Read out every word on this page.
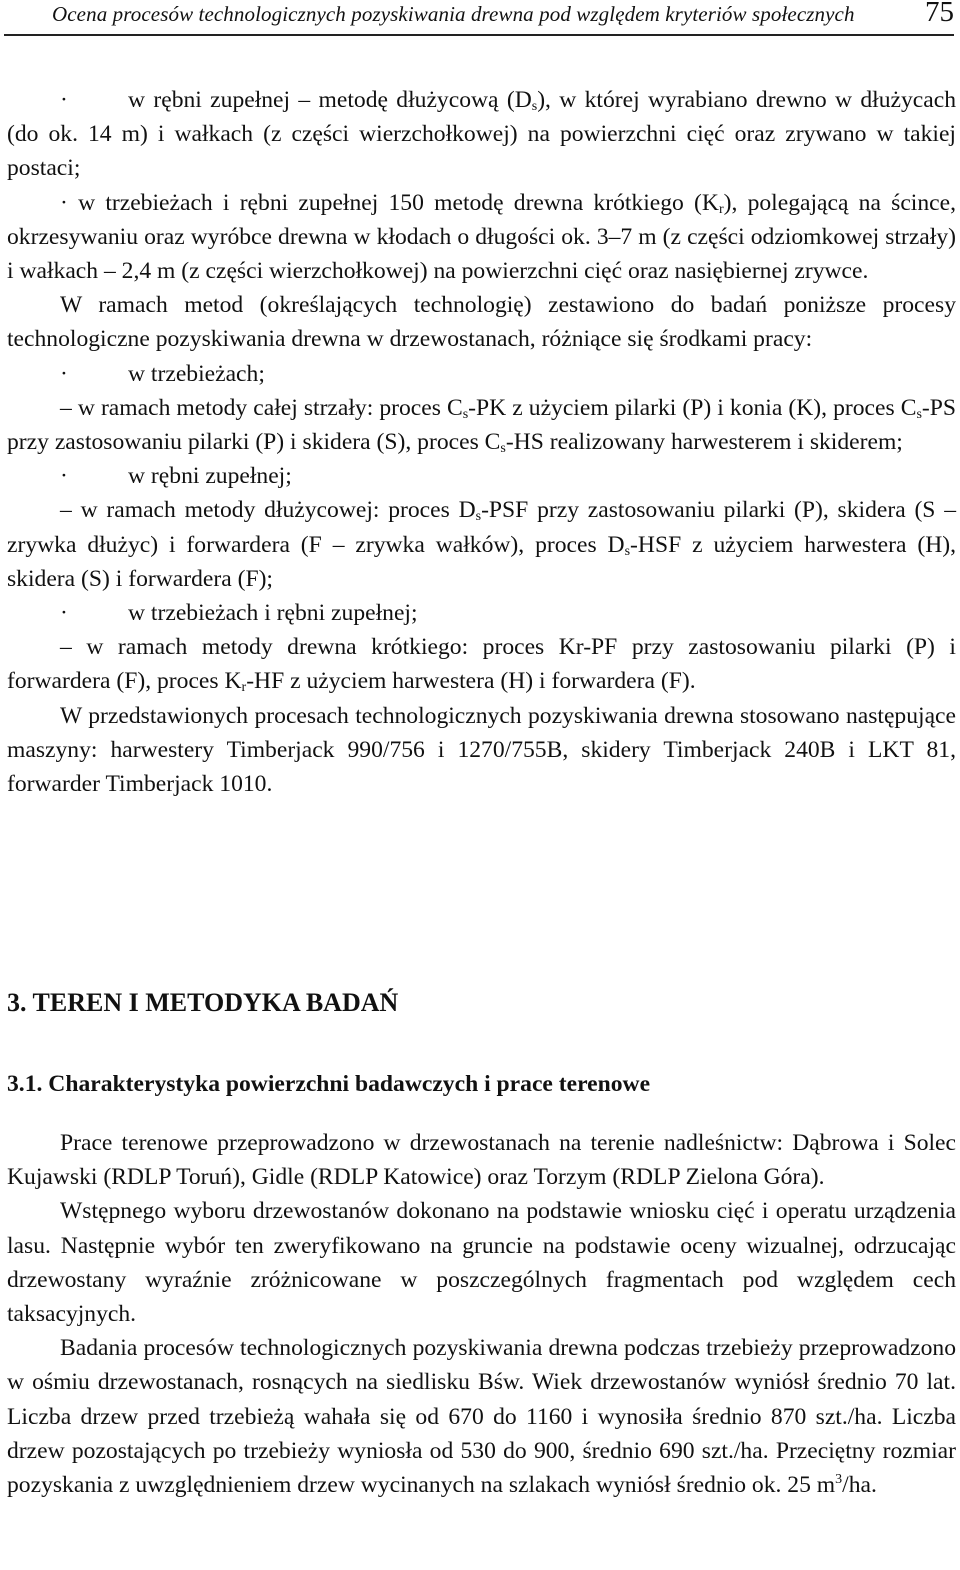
Ocena procesów technologicznych pozyskiwania drewna pod względem kryteriów społecznych 75

·	w rębni zupełnej – metodę dłużycową $(D_s)$, w której wyrabiano drewno w dłużycach (do ok. 14 m) i wałkach (z części wierzchołkowej) na powierzchni cięć oraz zrywano w takiej postaci;

· w trzebieżach i rębni zupełnej 150 metodę drewna krótkiego $(K_r)$, polegającą na ścince, okrzesywaniu oraz wyróbce drewna w kłodach o długości ok. 3–7 m (z części odziomkowej strzały) i wałkach – 2,4 m (z części wierzchołkowej) na powierzchni cięć oraz nasiębiernej zrywce.

W ramach metod (określających technologię) zestawiono do badań poniższe procesy technologiczne pozyskiwania drewna w drzewostanach, różniące się środkami pracy:

·	w trzebieżach;

– w ramach metody całej strzały: proces $C_s-PK$ z użyciem pilarki (P) i konia (K), proces $C_s-PS$ przy zastosowaniu pilarki (P) i skidera (S), proces $C_s-HS$ realizowany harwesterem i skiderem;

·	w rębni zupełnej;

– w ramach metody dłużycowej: proces $D_s$-PSF przy zastosowaniu pilarki (P), skidera (S – zrywka dłużyc) i forwardera (F – zrywka wałków), proces $D_s$-HSF z użyciem harwestera (H), skidera (S) i forwardera (F);

·	w trzebieżach i rębni zupełnej;

– w ramach metody drewna krótkiego: proces Kr-PF przy zastosowaniu pilarki (P) i forwardera (F), proces $K_r-HF$ z użyciem harwestera (H) i forwardera (F).

W przedstawionych procesach technologicznych pozyskiwania drewna stosowano następujące maszyny: harwestery Timberjack 990/756 i 1270/755B, skidery Timberjack 240B i LKT 81, forwarder Timberjack 1010.

3. TEREN I METODYKA BADAŃ
3.1. Charakterystyka powierzchni badawczych i prace terenowe

Prace terenowe przeprowadzono w drzewostanach na terenie nadleśnictw: Dąbrowa i Solec Kujawski (RDLP Toruń), Gidle (RDLP Katowice) oraz Torzym (RDLP Zielona Góra).

Wstępnego wyboru drzewostanów dokonano na podstawie wniosku cięć i operatu urządzenia lasu. Następnie wybór ten zweryfikowano na gruncie na podstawie oceny wizualnej, odrzucając drzewostany wyraźnie zróżnicowane w poszczególnych fragmentach pod względem cech taksacyjnych.

Badania procesów technologicznych pozyskiwania drewna podczas trzebieży przeprowadzono w ośmiu drzewostanach, rosnących na siedlisku Bśw. Wiek drzewostanów wyniósł średnio 70 lat. Liczba drzew przed trzebieżą wahała się od 670 do 1160 i wynosiła średnio 870 szt./ha. Liczba drzew pozostających po trzebieży wyniosła od 530 do 900, średnio 690 szt./ha. Przeciętny rozmiar pozyskania z uwzględnieniem drzew wycinanych na szlakach wyniósł średnio ok. 25 $m^3/ha$.
